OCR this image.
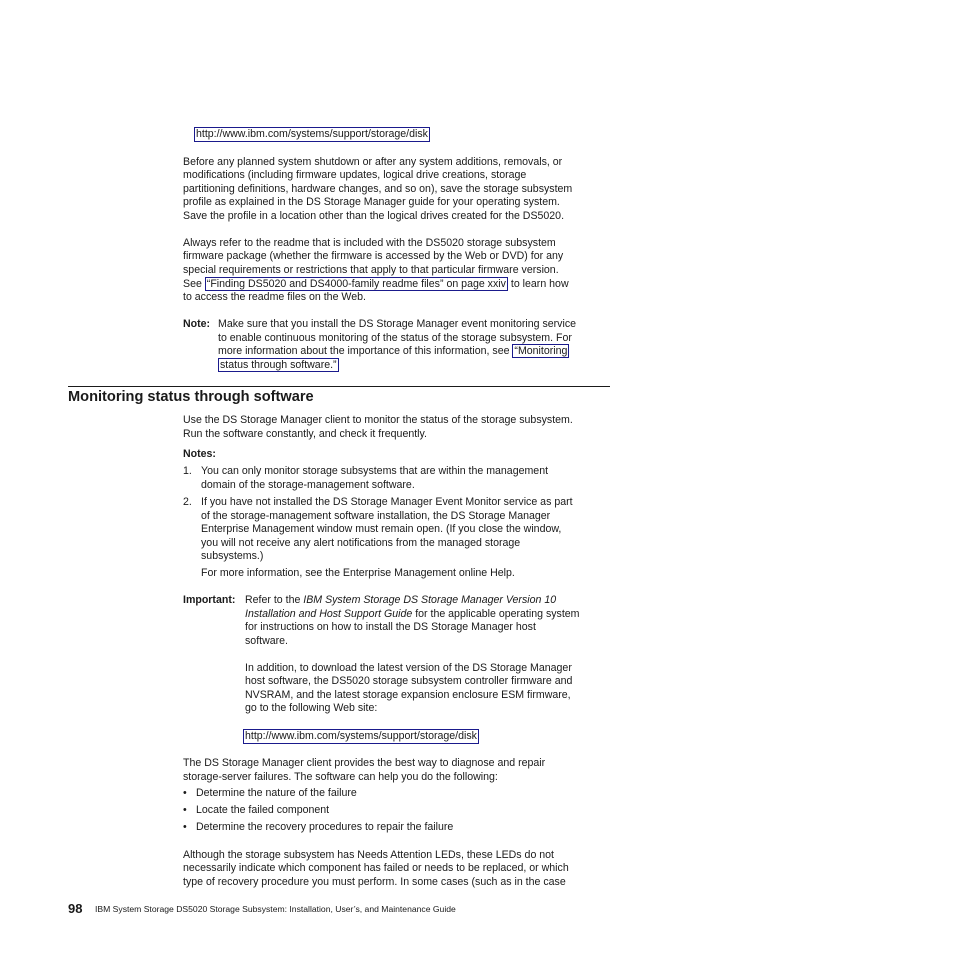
http://www.ibm.com/systems/support/storage/disk
Before any planned system shutdown or after any system additions, removals, or
modifications (including firmware updates, logical drive creations, storage
partitioning definitions, hardware changes, and so on), save the storage subsystem
profile as explained in the DS Storage Manager guide for your operating system.
Save the profile in a location other than the logical drives created for the DS5020.
Always refer to the readme that is included with the DS5020 storage subsystem
firmware package (whether the firmware is accessed by the Web or DVD) for any
special requirements or restrictions that apply to that particular firmware version.
See “Finding DS5020 and DS4000-family readme files” on page xxiv to learn how
to access the readme files on the Web.
Note: Make sure that you install the DS Storage Manager event monitoring service
to enable continuous monitoring of the status of the storage subsystem. For
more information about the importance of this information, see “Monitoring
status through software.”
Monitoring status through software
Use the DS Storage Manager client to monitor the status of the storage subsystem.
Run the software constantly, and check it frequently.
Notes:
1. You can only monitor storage subsystems that are within the management
domain of the storage-management software.
2. If you have not installed the DS Storage Manager Event Monitor service as part
of the storage-management software installation, the DS Storage Manager
Enterprise Management window must remain open. (If you close the window,
you will not receive any alert notifications from the managed storage
subsystems.)
For more information, see the Enterprise Management online Help.
Important: Refer to the IBM System Storage DS Storage Manager Version 10
Installation and Host Support Guide for the applicable operating system
for instructions on how to install the DS Storage Manager host
software.
In addition, to download the latest version of the DS Storage Manager
host software, the DS5020 storage subsystem controller firmware and
NVSRAM, and the latest storage expansion enclosure ESM firmware,
go to the following Web site:
http://www.ibm.com/systems/support/storage/disk
The DS Storage Manager client provides the best way to diagnose and repair
storage-server failures. The software can help you do the following:
• Determine the nature of the failure
• Locate the failed component
• Determine the recovery procedures to repair the failure
Although the storage subsystem has Needs Attention LEDs, these LEDs do not
necessarily indicate which component has failed or needs to be replaced, or which
type of recovery procedure you must perform. In some cases (such as in the case
98 IBM System Storage DS5020 Storage Subsystem: Installation, User’s, and Maintenance Guide
